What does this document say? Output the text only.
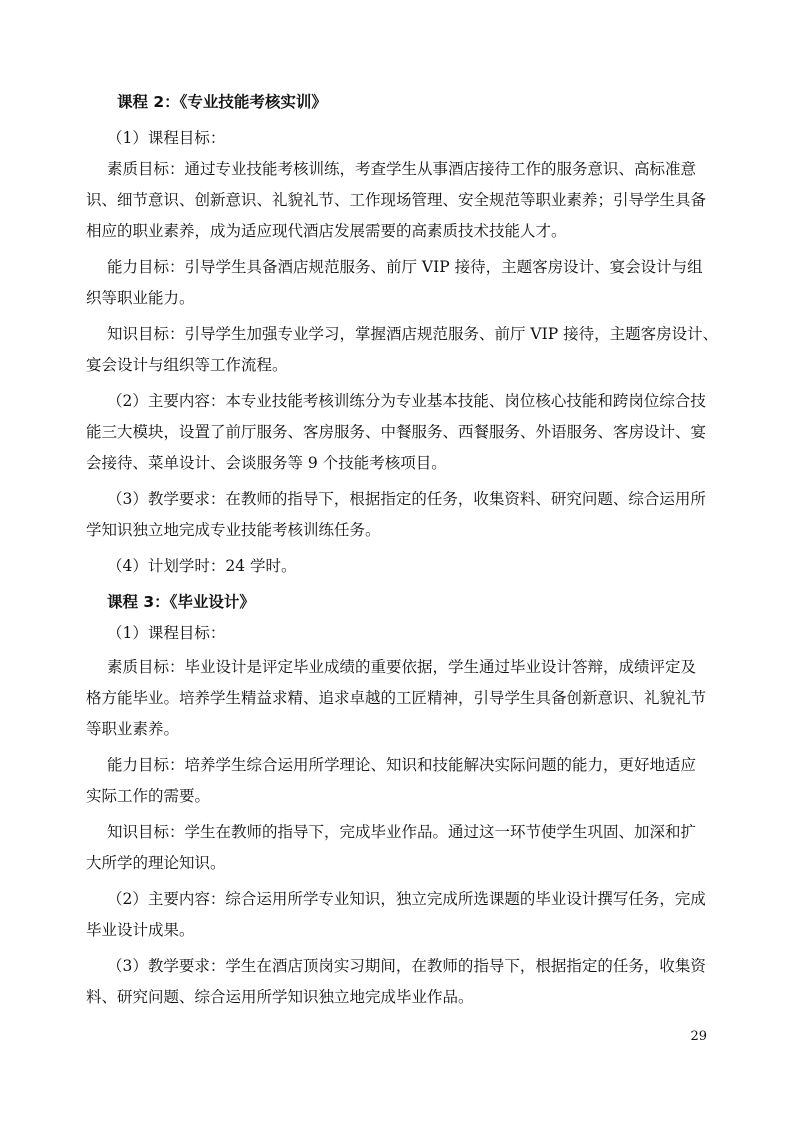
课程 2：《专业技能考核实训》

（1）课程目标：

素质目标：通过专业技能考核训练，考查学生从事酒店接待工作的服务意识、高标准意

识、细节意识、创新意识、礼貌礼节、工作现场管理、安全规范等职业素养；引导学生具备

相应的职业素养，成为适应现代酒店发展需要的高素质技术技能人才。

能力目标：引导学生具备酒店规范服务、前厅 VIP 接待，主题客房设计、宴会设计与组

织等职业能力。

知识目标：引导学生加强专业学习，掌握酒店规范服务、前厅 VIP 接待，主题客房设计、

宴会设计与组织等工作流程。

（2）主要内容：本专业技能考核训练分为专业基本技能、岗位核心技能和跨岗位综合技

能三大模块，设置了前厅服务、客房服务、中餐服务、西餐服务、外语服务、客房设计、宴

会接待、菜单设计、会谈服务等 9 个技能考核项目。

（3）教学要求：在教师的指导下，根据指定的任务，收集资料、研究问题、综合运用所

学知识独立地完成专业技能考核训练任务。

（4）计划学时：24 学时。

课程 3：《毕业设计》

（1）课程目标：

素质目标：毕业设计是评定毕业成绩的重要依据，学生通过毕业设计答辩，成绩评定及

格方能毕业。培养学生精益求精、追求卓越的工匠精神，引导学生具备创新意识、礼貌礼节

等职业素养。

能力目标：培养学生综合运用所学理论、知识和技能解决实际问题的能力，更好地适应

实际工作的需要。

知识目标：学生在教师的指导下，完成毕业作品。通过这一环节使学生巩固、加深和扩

大所学的理论知识。

（2）主要内容：综合运用所学专业知识，独立完成所选课题的毕业设计撰写任务，完成

毕业设计成果。

（3）教学要求：学生在酒店顶岗实习期间，在教师的指导下，根据指定的任务，收集资

料、研究问题、综合运用所学知识独立地完成毕业作品。

29
